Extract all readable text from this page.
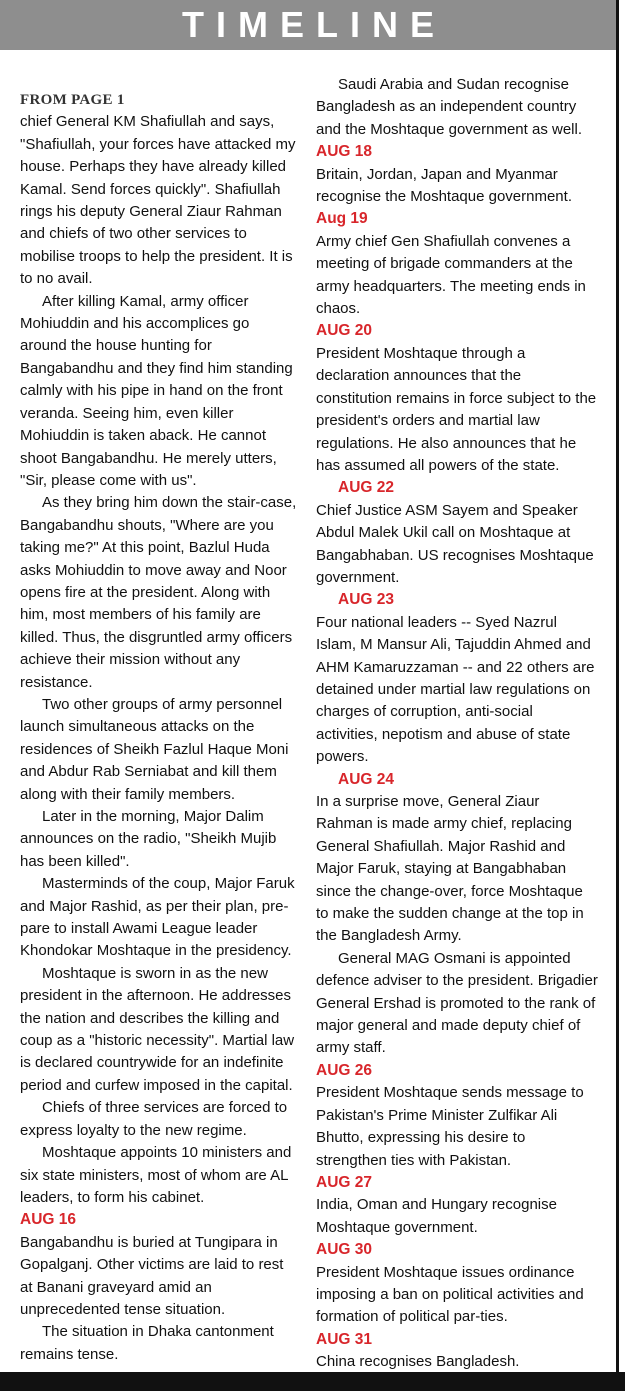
TIMELINE

FROM PAGE 1

chief General KM Shafiullah and says, "Shafiullah, your forces have attacked my house. Perhaps they have already killed Kamal. Send forces quickly". Shafiullah rings his deputy General Ziaur Rahman and chiefs of two other services to mobilise troops to help the president. It is to no avail.

After killing Kamal, army officer Mohiuddin and his accomplices go around the house hunting for Bangabandhu and they find him standing calmly with his pipe in hand on the front veranda. Seeing him, even killer Mohiuddin is taken aback. He cannot shoot Bangabandhu. He merely utters, "Sir, please come with us".

As they bring him down the stair-case, Bangabandhu shouts, "Where are you taking me?" At this point, Bazlul Huda asks Mohiuddin to move away and Noor opens fire at the president. Along with him, most members of his family are killed. Thus, the disgruntled army officers achieve their mission without any resistance.

Two other groups of army personnel launch simultaneous attacks on the residences of Sheikh Fazlul Haque Moni and Abdur Rab Serniabat and kill them along with their family members.

Later in the morning, Major Dalim announces on the radio, "Sheikh Mujib has been killed".

Masterminds of the coup, Major Faruk and Major Rashid, as per their plan, pre-pare to install Awami League leader Khondokar Moshtaque in the presidency.

Moshtaque is sworn in as the new president in the afternoon. He addresses the nation and describes the killing and coup as a "historic necessity". Martial law is declared countrywide for an indefinite period and curfew imposed in the capital.

Chiefs of three services are forced to express loyalty to the new regime.

Moshtaque appoints 10 ministers and six state ministers, most of whom are AL leaders, to form his cabinet.

AUG 16

Bangabandhu is buried at Tungipara in Gopalganj. Other victims are laid to rest at Banani graveyard amid an unprecedented tense situation.

The situation in Dhaka cantonment remains tense.

Saudi Arabia and Sudan recognise Bangladesh as an independent country and the Moshtaque government as well.

AUG 18

Britain, Jordan, Japan and Myanmar recognise the Moshtaque government.

Aug 19

Army chief Gen Shafiullah convenes a meeting of brigade commanders at the army headquarters. The meeting ends in chaos.

AUG 20

President Moshtaque through a declaration announces that the constitution remains in force subject to the president's orders and martial law regulations. He also announces that he has assumed all powers of the state.

AUG 22

Chief Justice ASM Sayem and Speaker Abdul Malek Ukil call on Moshtaque at Bangabhaban. US recognises Moshtaque government.

AUG 23

Four national leaders -- Syed Nazrul Islam, M Mansur Ali, Tajuddin Ahmed and AHM Kamaruzzaman -- and 22 others are detained under martial law regulations on charges of corruption, anti-social activities, nepotism and abuse of state powers.

AUG 24

In a surprise move, General Ziaur Rahman is made army chief, replacing General Shafiullah. Major Rashid and Major Faruk, staying at Bangabhaban since the change-over, force Moshtaque to make the sudden change at the top in the Bangladesh Army.

General MAG Osmani is appointed defence adviser to the president. Brigadier General Ershad is promoted to the rank of major general and made deputy chief of army staff.

AUG 26

President Moshtaque sends message to Pakistan's Prime Minister Zulfikar Ali Bhutto, expressing his desire to strengthen ties with Pakistan.

AUG 27

India, Oman and Hungary recognise Moshtaque government.

AUG 30

President Moshtaque issues ordinance imposing a ban on political activities and formation of political par-ties.

AUG 31

China recognises Bangladesh.
